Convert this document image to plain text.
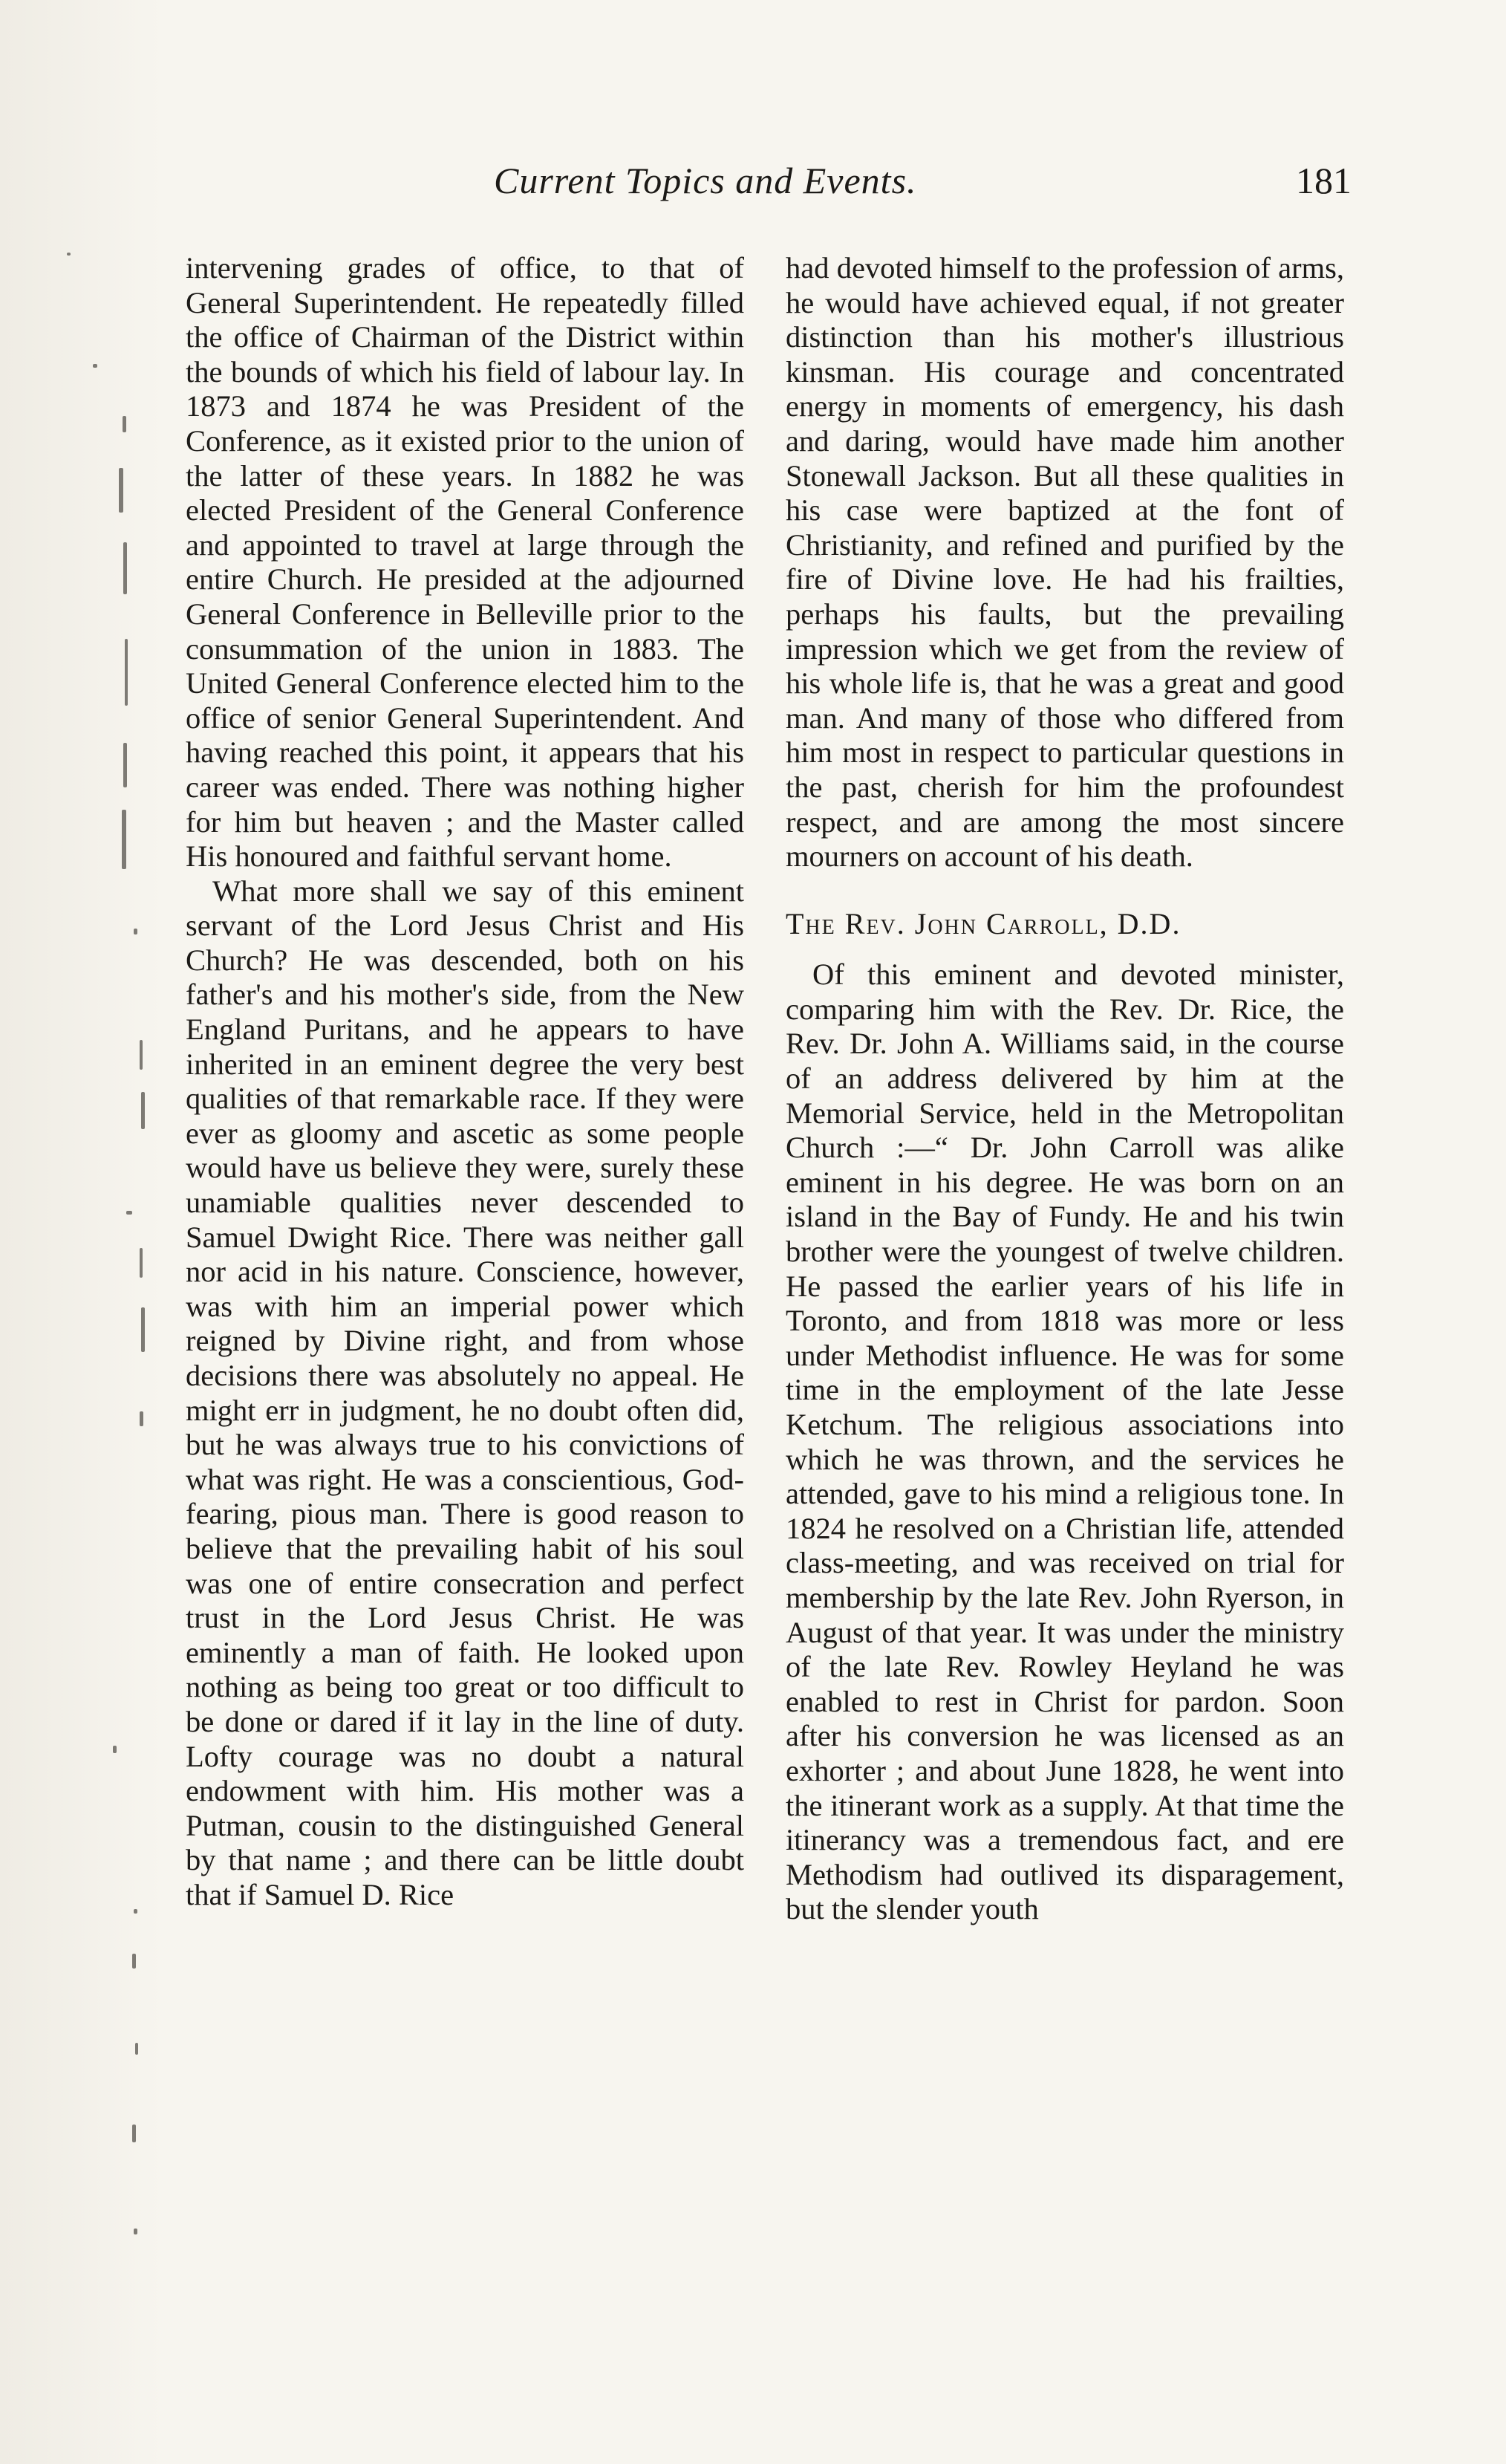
Current Topics and Events.	181

intervening grades of office, to that of General Superintendent. He repeatedly filled the office of Chairman of the District within the bounds of which his field of labour lay. In 1873 and 1874 he was President of the Conference, as it existed prior to the union of the latter of these years. In 1882 he was elected President of the General Conference and appointed to travel at large through the entire Church. He presided at the adjourned General Conference in Belleville prior to the consummation of the union in 1883. The United General Conference elected him to the office of senior General Superintendent. And having reached this point, it appears that his career was ended. There was nothing higher for him but heaven ; and the Master called His honoured and faithful servant home.

What more shall we say of this eminent servant of the Lord Jesus Christ and His Church? He was descended, both on his father's and his mother's side, from the New England Puritans, and he appears to have inherited in an eminent degree the very best qualities of that remarkable race. If they were ever as gloomy and ascetic as some people would have us believe they were, surely these unamiable qualities never descended to Samuel Dwight Rice. There was neither gall nor acid in his nature. Conscience, however, was with him an imperial power which reigned by Divine right, and from whose decisions there was absolutely no appeal. He might err in judgment, he no doubt often did, but he was always true to his convictions of what was right. He was a conscientious, God-fearing, pious man. There is good reason to believe that the prevailing habit of his soul was one of entire consecration and perfect trust in the Lord Jesus Christ. He was eminently a man of faith. He looked upon nothing as being too great or too difficult to be done or dared if it lay in the line of duty. Lofty courage was no doubt a natural endowment with him. His mother was a Putman, cousin to the distinguished General by that name ; and there can be little doubt that if Samuel D. Rice

had devoted himself to the profession of arms, he would have achieved equal, if not greater distinction than his mother's illustrious kinsman. His courage and concentrated energy in moments of emergency, his dash and daring, would have made him another Stonewall Jackson. But all these qualities in his case were baptized at the font of Christianity, and refined and purified by the fire of Divine love. He had his frailties, perhaps his faults, but the prevailing impression which we get from the review of his whole life is, that he was a great and good man. And many of those who differed from him most in respect to particular questions in the past, cherish for him the profoundest respect, and are among the most sincere mourners on account of his death.

The Rev. John Carroll, D.D.

Of this eminent and devoted minister, comparing him with the Rev. Dr. Rice, the Rev. Dr. John A. Williams said, in the course of an address delivered by him at the Memorial Service, held in the Metropolitan Church :—“ Dr. John Carroll was alike eminent in his degree. He was born on an island in the Bay of Fundy. He and his twin brother were the youngest of twelve children. He passed the earlier years of his life in Toronto, and from 1818 was more or less under Methodist influence. He was for some time in the employment of the late Jesse Ketchum. The religious associations into which he was thrown, and the services he attended, gave to his mind a religious tone. In 1824 he resolved on a Christian life, attended class-meeting, and was received on trial for membership by the late Rev. John Ryerson, in August of that year. It was under the ministry of the late Rev. Rowley Heyland he was enabled to rest in Christ for pardon. Soon after his conversion he was licensed as an exhorter ; and about June 1828, he went into the itinerant work as a supply. At that time the itinerancy was a tremendous fact, and ere Methodism had outlived its disparagement, but the slender youth
